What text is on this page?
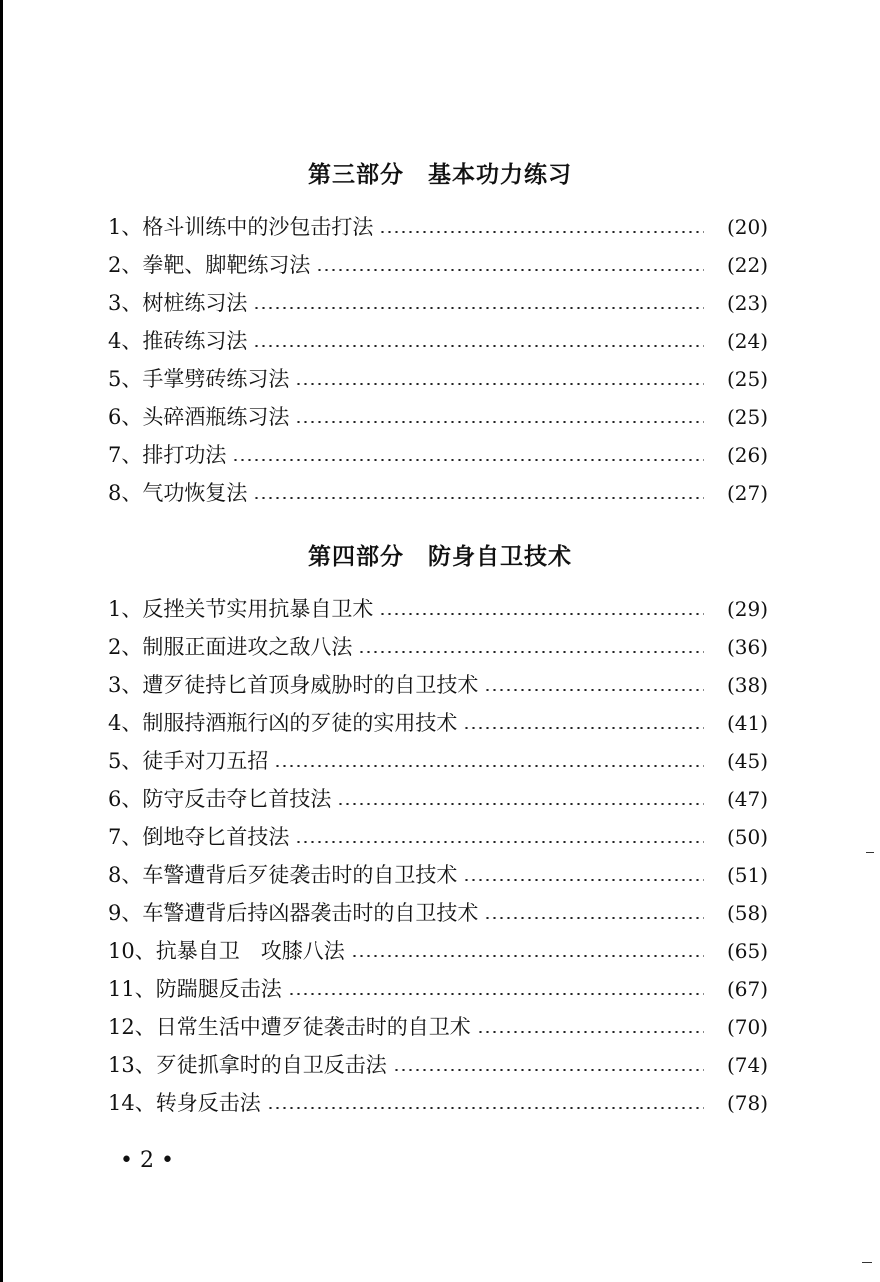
第三部分　基本功力练习
1、格斗训练中的沙包击打法	(20)
2、拳靶、脚靶练习法	(22)
3、树桩练习法	(23)
4、推砖练习法	(24)
5、手掌劈砖练习法	(25)
6、头碎酒瓶练习法	(25)
7、排打功法	(26)
8、气功恢复法	(27)
第四部分　防身自卫技术
1、反挫关节实用抗暴自卫术	(29)
2、制服正面进攻之敌八法	(36)
3、遭歹徒持匕首顶身威胁时的自卫技术	(38)
4、制服持酒瓶行凶的歹徒的实用技术	(41)
5、徒手对刀五招	(45)
6、防守反击夺匕首技法	(47)
7、倒地夺匕首技法	(50)
8、车警遭背后歹徒袭击时的自卫技术	(51)
9、车警遭背后持凶器袭击时的自卫技术	(58)
10、抗暴自卫　攻膝八法	(65)
11、防踹腿反击法	(67)
12、日常生活中遭歹徒袭击时的自卫术	(70)
13、歹徒抓拿时的自卫反击法	(74)
14、转身反击法	(78)
• 2 •
